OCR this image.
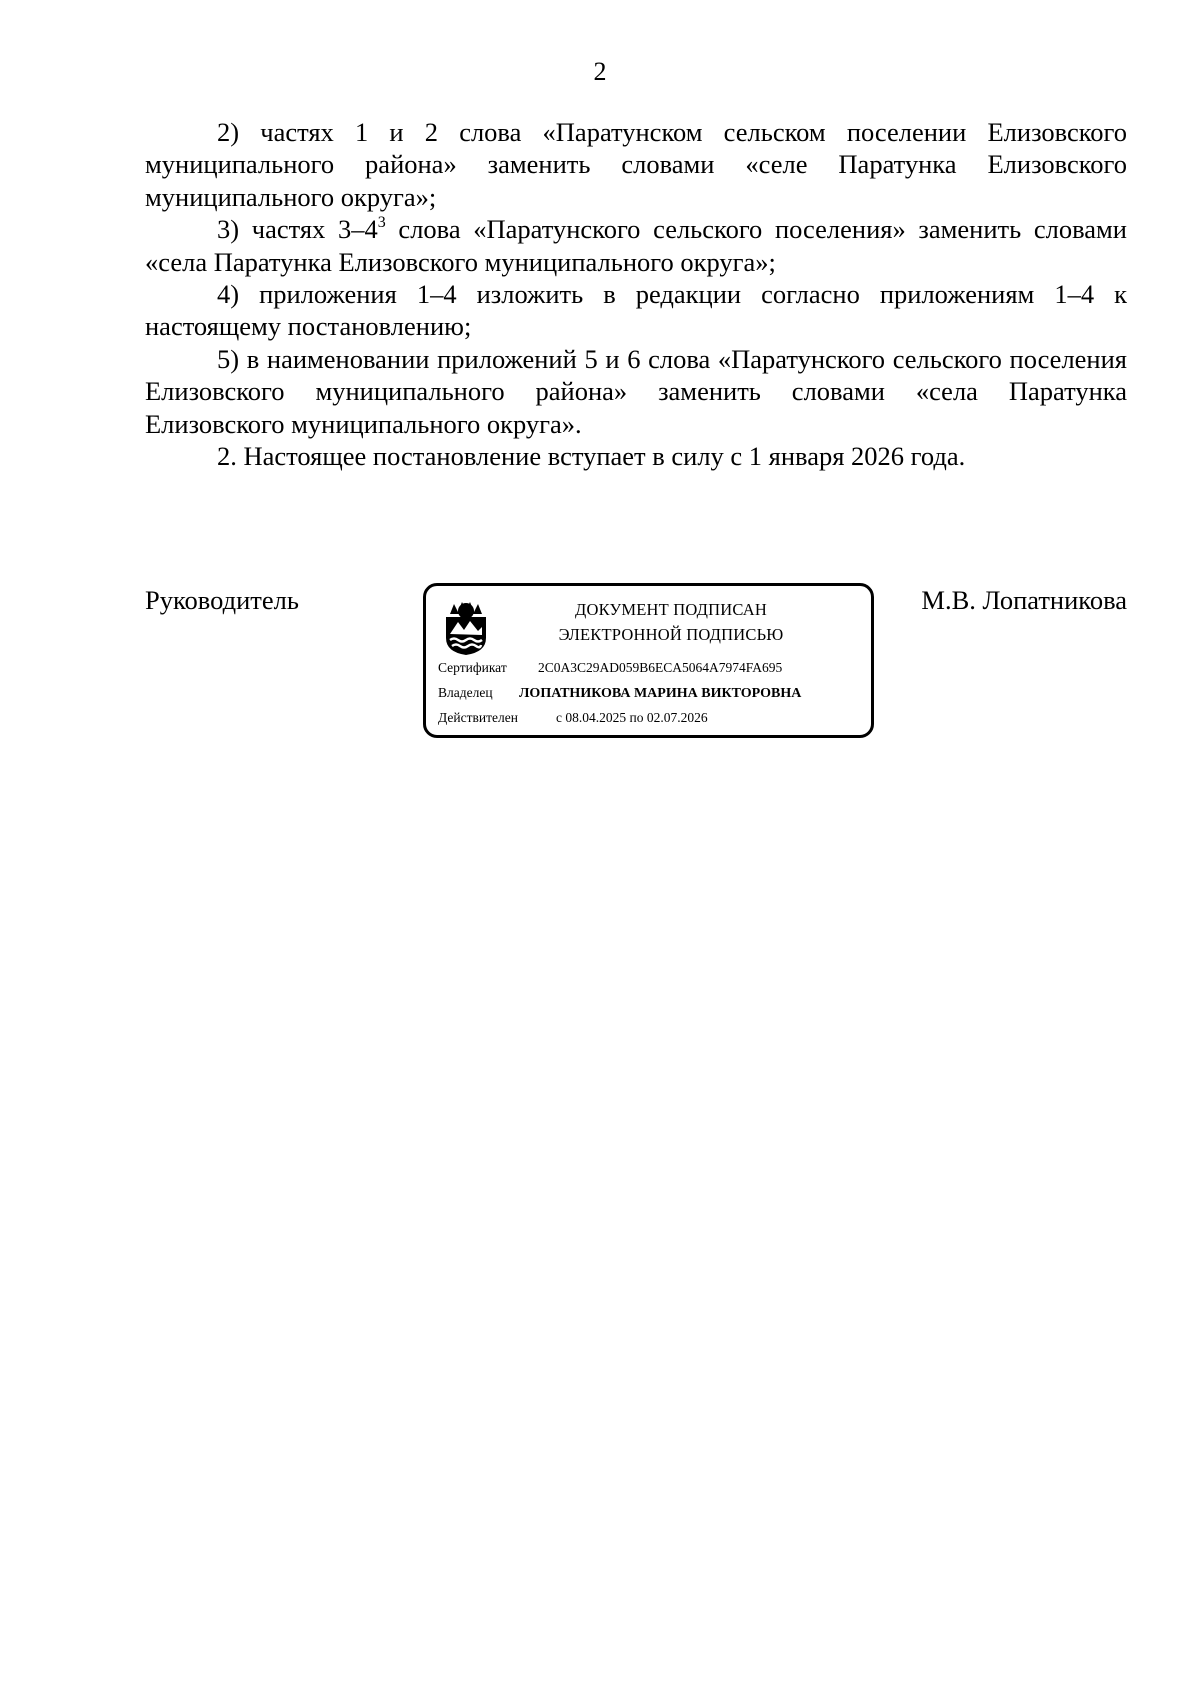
2

2) частях 1 и 2 слова «Паратунском сельском поселении Елизовского муниципального района» заменить словами «селе Паратунка Елизовского муниципального округа»;

3) частях $3-4^3$ слова «Паратунского сельского поселения» заменить словами «села Паратунка Елизовского муниципального округа»;

4) приложения 1–4 изложить в редакции согласно приложениям 1–4 к настоящему постановлению;

5) в наименовании приложений 5 и 6 слова «Паратунского сельского поселения Елизовского муниципального района» заменить словами «села Паратунка Елизовского муниципального округа».

2. Настоящее постановление вступает в силу с 1 января 2026 года.

Руководитель	ДОКУМЕНТ ПОДПИСАН
ЭЛЕКТРОННОЙ ПОДПИСЬЮ
Сертификат 2C0A3C29AD059B6ECA5064A7974FA695
Владелец ЛОПАТНИКОВА МАРИНА ВИКТОРОВНА
Действителен	с 08.04.2025 по 02.07.2026
М.В. Лопатникова
